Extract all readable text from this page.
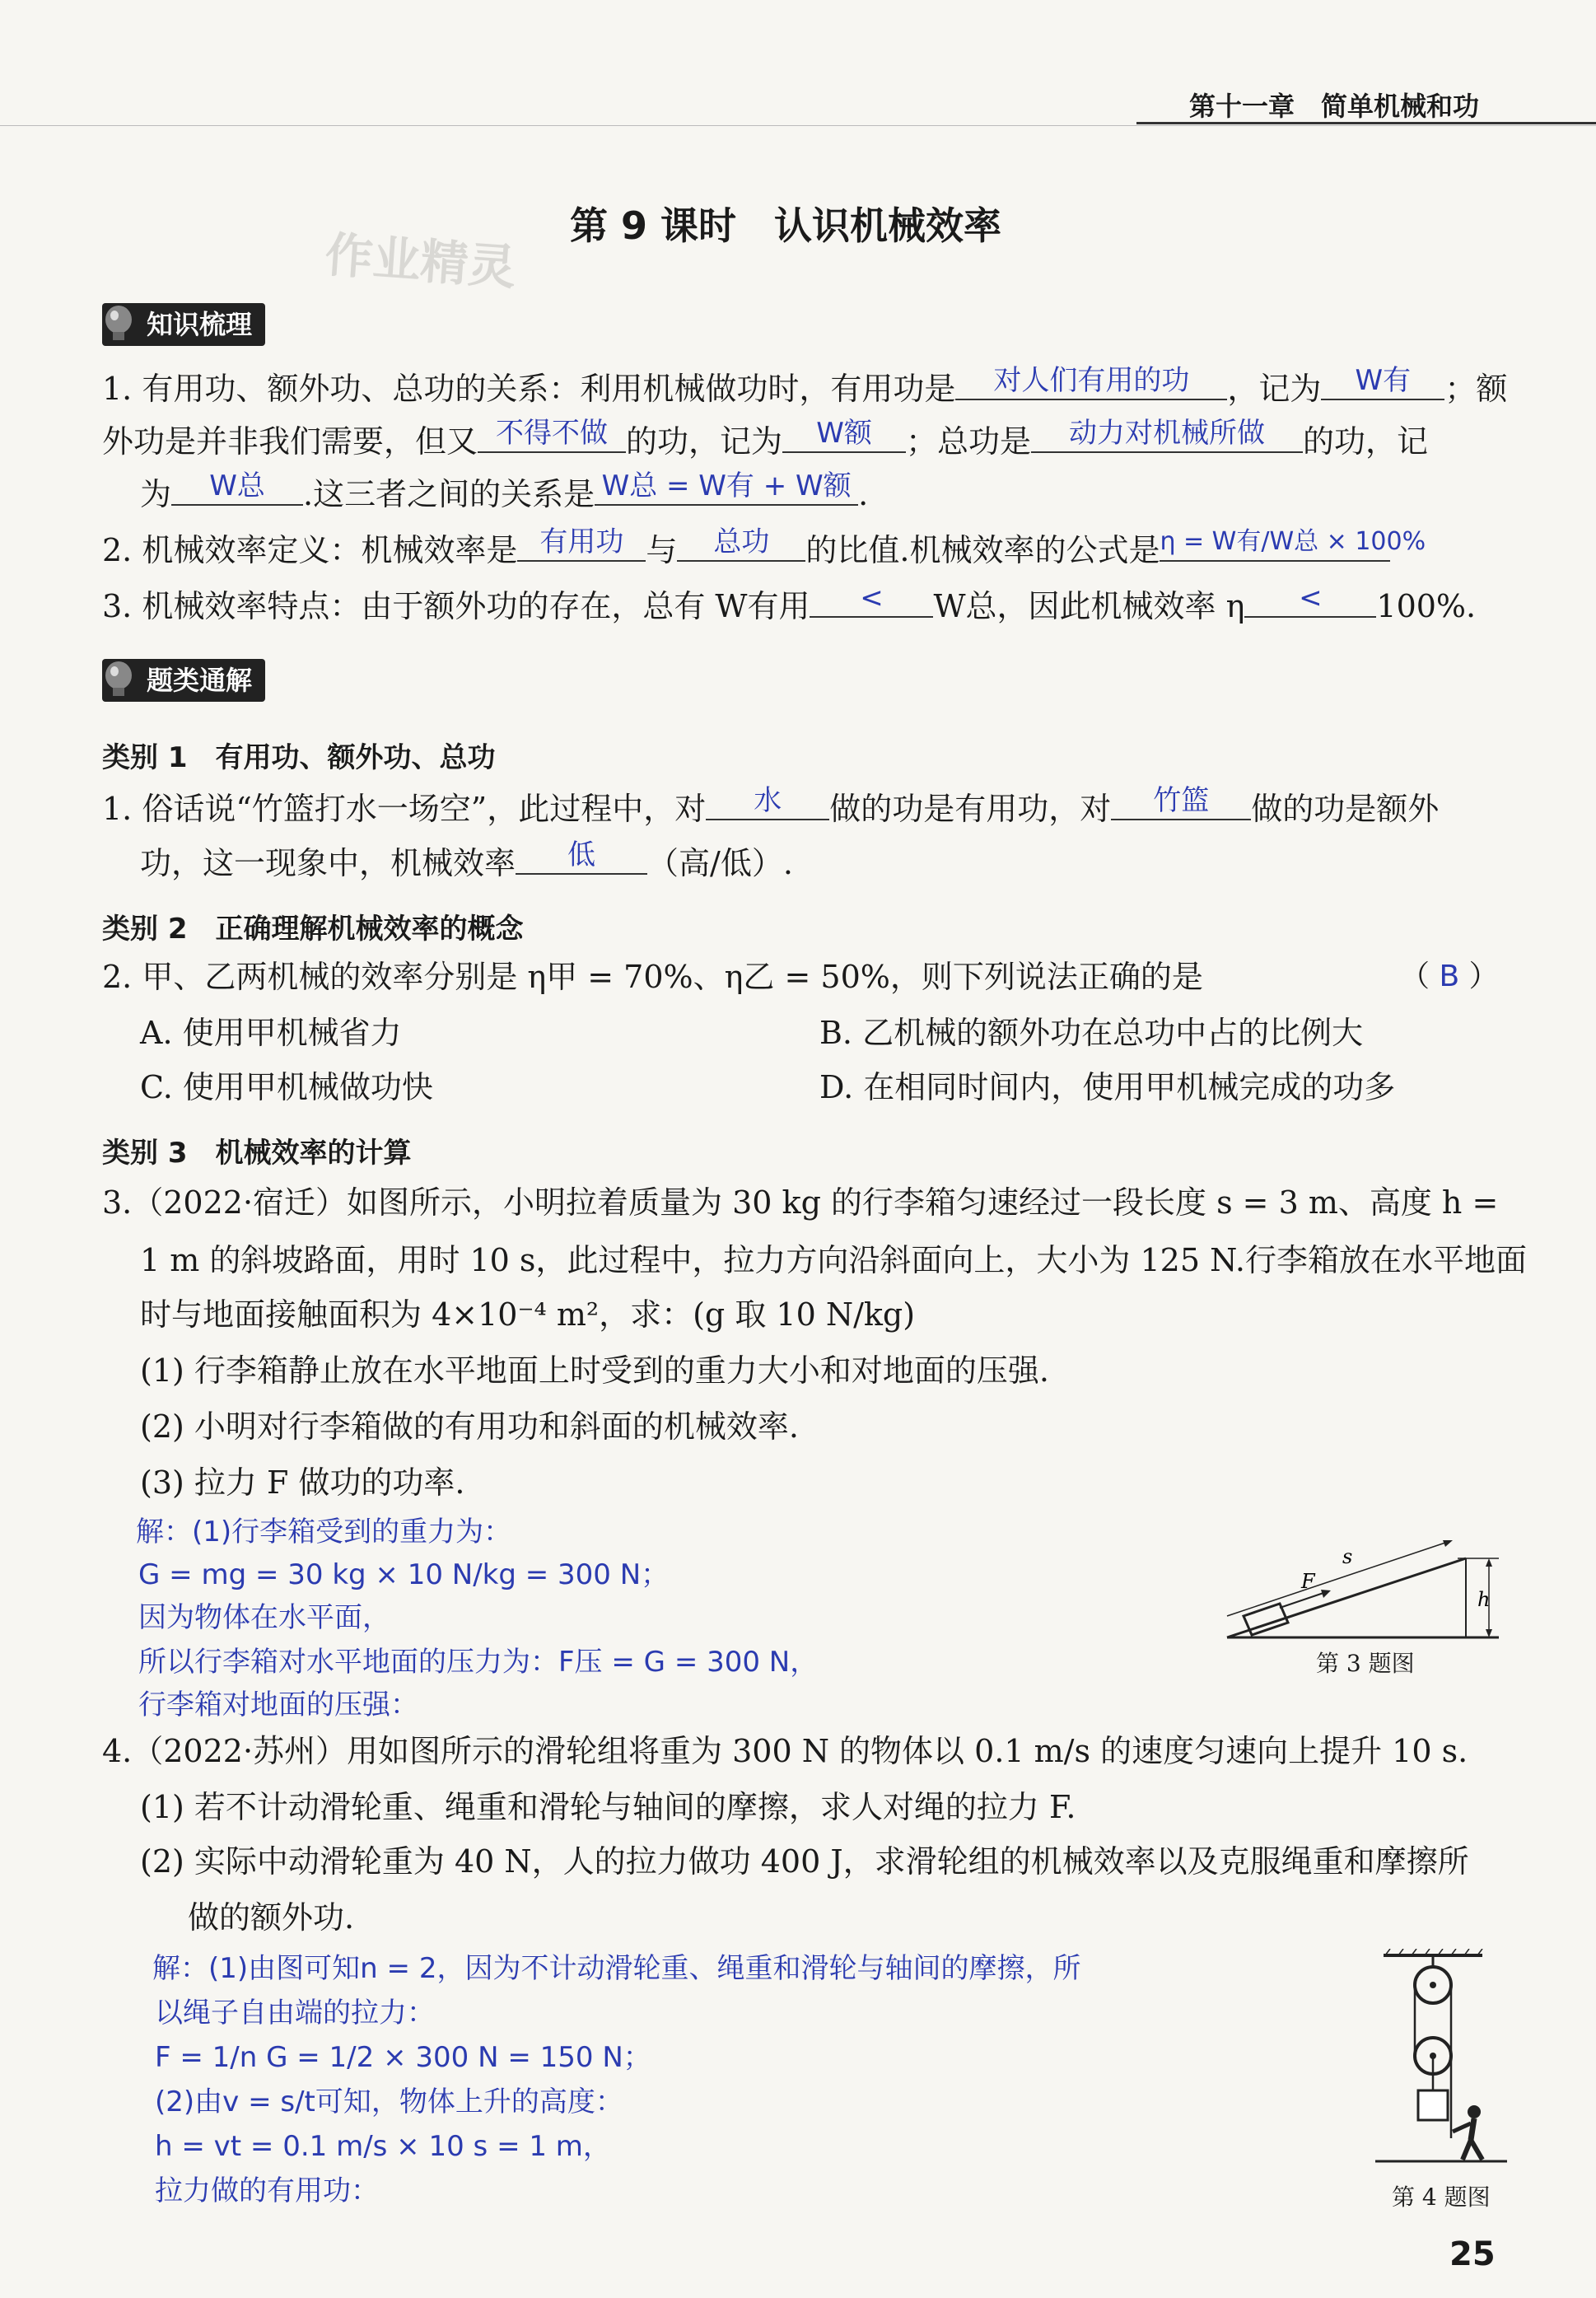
第十一章　 简单机械和功
作业精灵
第 9 课时　认识机械效率
知识梳理
1. 有用功、额外功、总功的关系：利用机械做功时，有用功是 对人们有用的功 ，记为 W有 ；额
外功是并非我们需要，但又 不得不做 的功，记为 W额 ；总功是 动力对机械所做 的功，记
为 W总 .这三者之间的关系是 W总 = W有 + W额 .
2. 机械效率定义：机械效率是 有用功 与 总功 的比值.机械效率的公式是η = W有/W总 × 100%
3. 机械效率特点：由于额外功的存在，总有 W有用 < W总，因此机械效率 η < 100%.
题类通解
类别 1　有用功、额外功、总功
1. 俗话说“竹篮打水一场空”，此过程中，对 水 做的功是有用功，对 竹篮 做的功是额外
功，这一现象中，机械效率 低 （高/低）.
类别 2　正确理解机械效率的概念
2. 甲、乙两机械的效率分别是 η甲 = 70%、η乙 = 50%，则下列说法正确的是	（ B ）
A. 使用甲机械省力	B. 乙机械的额外功在总功中占的比例大
C. 使用甲机械做功快	D. 在相同时间内，使用甲机械完成的功多
类别 3　机械效率的计算
3.（2022·宿迁）如图所示，小明拉着质量为 30 kg 的行李箱匀速经过一段长度 s = 3 m、高度 h =
1 m 的斜坡路面，用时 10 s，此过程中，拉力方向沿斜面向上，大小为 125 N.行李箱放在水平地面
时与地面接触面积为 4×10⁻⁴ m²，求：(g 取 10 N/kg)
(1) 行李箱静止放在水平地面上时受到的重力大小和对地面的压强.
(2) 小明对行李箱做的有用功和斜面的机械效率.
(3) 拉力 F 做功的功率.
解：(1)行李箱受到的重力为：
G = mg = 30 kg × 10 N/kg = 300 N；
因为物体在水平面，
所以行李箱对水平地面的压力为：F压 = G = 300 N，
行李箱对地面的压强：
s
F
h
第 3 题图
4.（2022·苏州）用如图所示的滑轮组将重为 300 N 的物体以 0.1 m/s 的速度匀速向上提升 10 s.
(1) 若不计动滑轮重、绳重和滑轮与轴间的摩擦，求人对绳的拉力 F.
(2) 实际中动滑轮重为 40 N，人的拉力做功 400 J，求滑轮组的机械效率以及克服绳重和摩擦所
做的额外功.
解：(1)由图可知n = 2，因为不计动滑轮重、绳重和滑轮与轴间的摩擦，所
以绳子自由端的拉力：
F = 1/n G = 1/2 × 300 N = 150 N；
(2)由v = s/t可知，物体上升的高度：
h = vt = 0.1 m/s × 10 s = 1 m，
拉力做的有用功：	第 4 题图
25
